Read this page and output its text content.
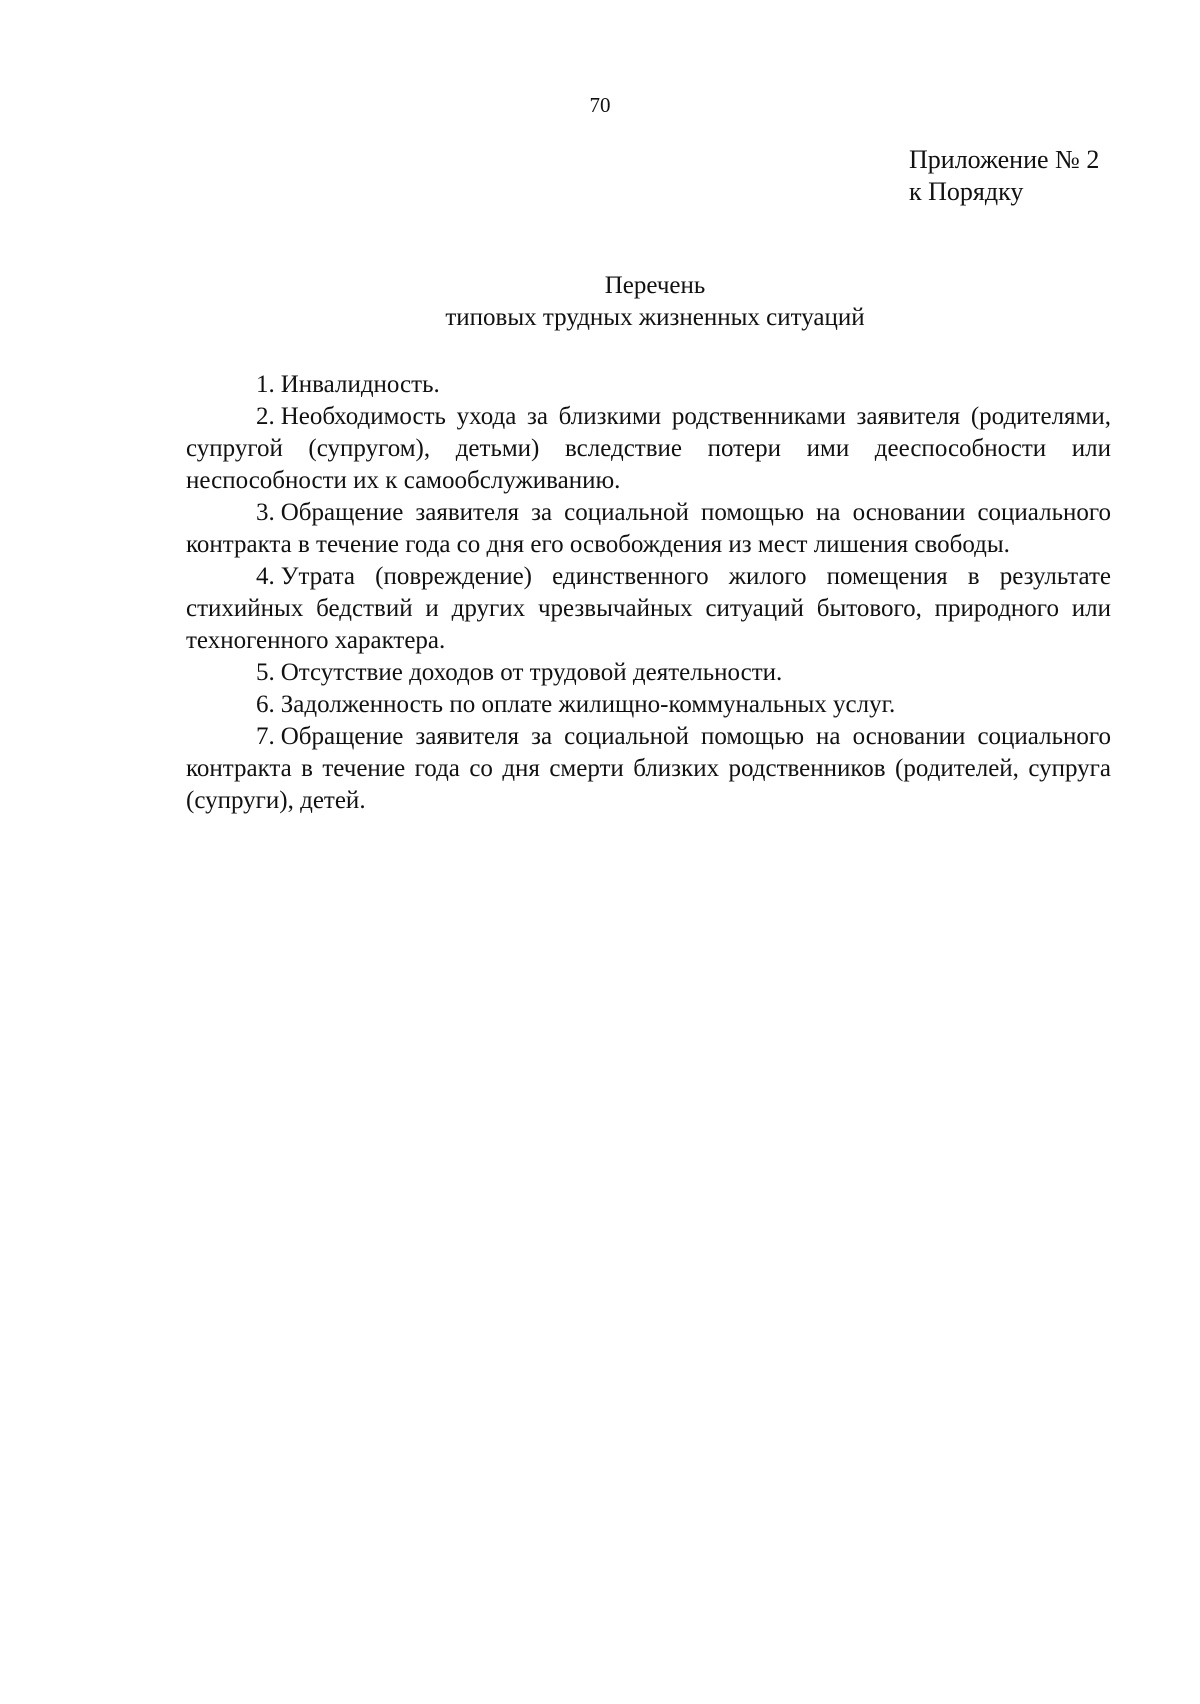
70
Приложение № 2
к Порядку
Перечень
типовых трудных жизненных ситуаций

1. Инвалидность.

2. Необходимость ухода за близкими родственниками заявителя (родителями, супругой (супругом), детьми) вследствие потери ими дееспособности или неспособности их к самообслуживанию.

3. Обращение заявителя за социальной помощью на основании социального контракта в течение года со дня его освобождения из мест лишения свободы.

4. Утрата (повреждение) единственного жилого помещения в результате стихийных бедствий и других чрезвычайных ситуаций бытового, природного или техногенного характера.

5. Отсутствие доходов от трудовой деятельности.

6. Задолженность по оплате жилищно-коммунальных услуг.

7. Обращение заявителя за социальной помощью на основании социального контракта в течение года со дня смерти близких родственников (родителей, супруга (супруги), детей.
